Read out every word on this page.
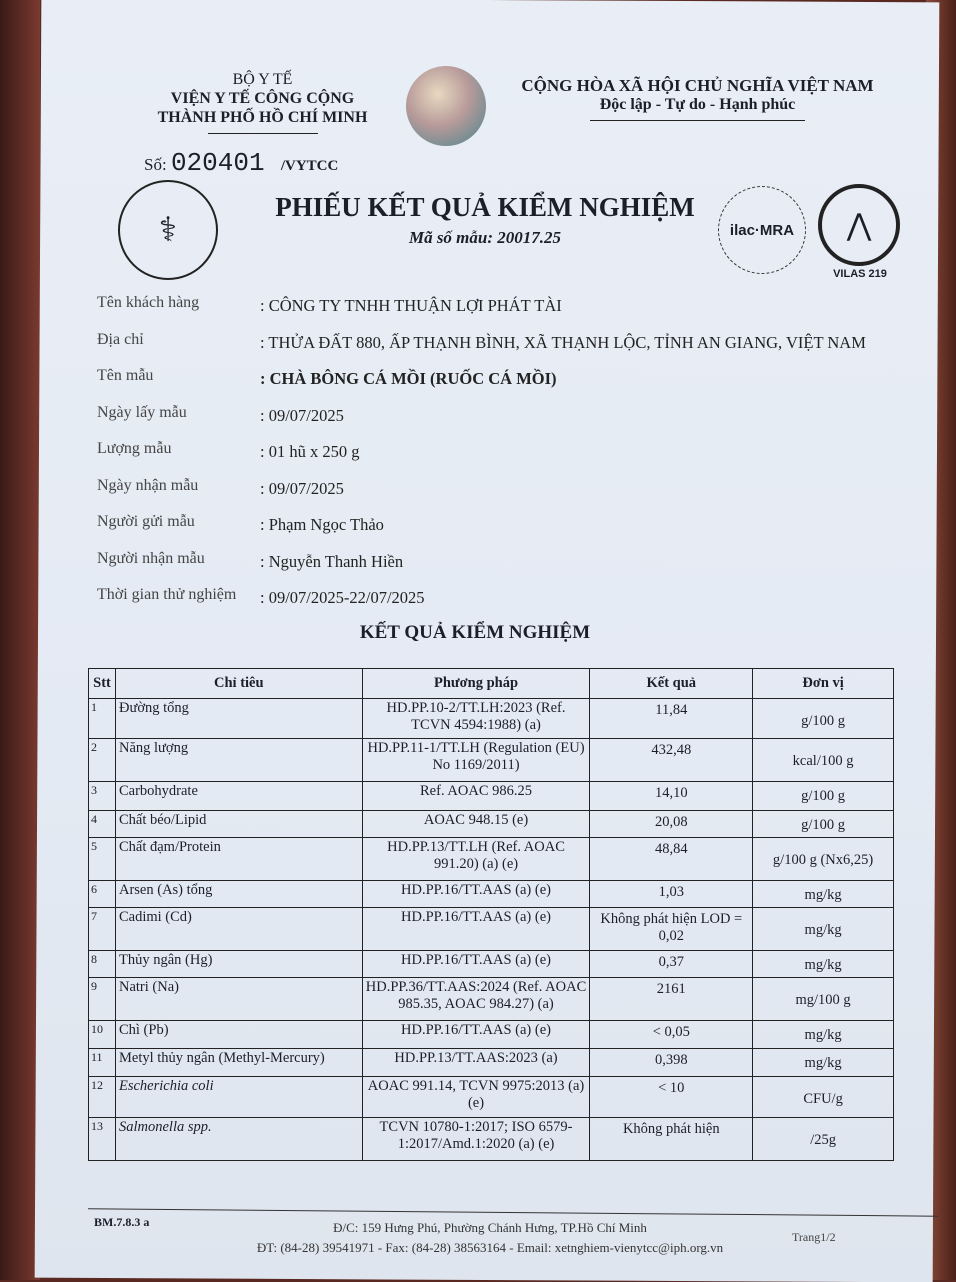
BỘ Y TẾ
VIỆN Y TẾ CÔNG CỘNG
THÀNH PHỐ HỒ CHÍ MINH
CỘNG HÒA XÃ HỘI CHỦ NGHĨA VIỆT NAM
Độc lập - Tự do - Hạnh phúc
Số: 020401 /VYTCC
⚕
PHIẾU KẾT QUẢ KIỂM NGHIỆM
Mã số mẫu: 20017.25	ilac·MRA	⋀
VILAS 219
Tên khách hàng	: CÔNG TY TNHH THUẬN LỢI PHÁT TÀI
Địa chỉ	: THỬA ĐẤT 880, ẤP THẠNH BÌNH, XÃ THẠNH LỘC, TỈNH AN GIANG, VIỆT NAM
Tên mẫu	: CHÀ BÔNG CÁ MỒI (RUỐC CÁ MỒI)
Ngày lấy mẫu	: 09/07/2025
Lượng mẫu	: 01 hũ x 250 g
Ngày nhận mẫu	: 09/07/2025
Người gửi mẫu	: Phạm Ngọc Thảo
Người nhận mẫu	: Nguyễn Thanh Hiền
Thời gian thử nghiệm : 09/07/2025-22/07/2025
KẾT QUẢ KIỂM NGHIỆM
Stt	Chỉ tiêu	Phương pháp	Kết quả	Đơn vị
1	Đường tổng	HD.PP.10-2/TT.LH:2023 (Ref. TCVN 4594:1988) (a)	11,84	g/100 g
2	Năng lượng	HD.PP.11-1/TT.LH (Regulation (EU) No 1169/2011)	432,48	kcal/100 g
3	Carbohydrate	Ref. AOAC 986.25	14,10	g/100 g
4	Chất béo/Lipid	AOAC 948.15 (e)	20,08	g/100 g
5	Chất đạm/Protein	HD.PP.13/TT.LH (Ref. AOAC 991.20) (a) (e)	48,84	g/100 g (Nx6,25)
6	Arsen (As) tổng	HD.PP.16/TT.AAS (a) (e)	1,03	mg/kg
7	Cadimi (Cd)	HD.PP.16/TT.AAS (a) (e)	Không phát hiện LOD = 0,02	mg/kg
8	Thủy ngân (Hg)	HD.PP.16/TT.AAS (a) (e)	0,37	mg/kg
9	Natri (Na)	HD.PP.36/TT.AAS:2024 (Ref. AOAC 985.35, AOAC 984.27) (a)	2161	mg/100 g
10	Chì (Pb)	HD.PP.16/TT.AAS (a) (e)	< 0,05	mg/kg
11	Metyl thủy ngân (Methyl-Mercury)	HD.PP.13/TT.AAS:2023 (a)	0,398	mg/kg
12	Escherichia coli	AOAC 991.14, TCVN 9975:2013 (a) (e)	< 10	CFU/g
13	Salmonella spp.	TCVN 10780-1:2017; ISO 6579-1:2017/Amd.1:2020 (a) (e)	Không phát hiện	/25g
BM.7.8.3 a	Đ/C: 159 Hưng Phú, Phường Chánh Hưng, TP.Hồ Chí Minh
ĐT: (84-28) 39541971 - Fax: (84-28) 38563164 - Email: xetnghiem-vienytcc@iph.org.vn
Trang1/2
